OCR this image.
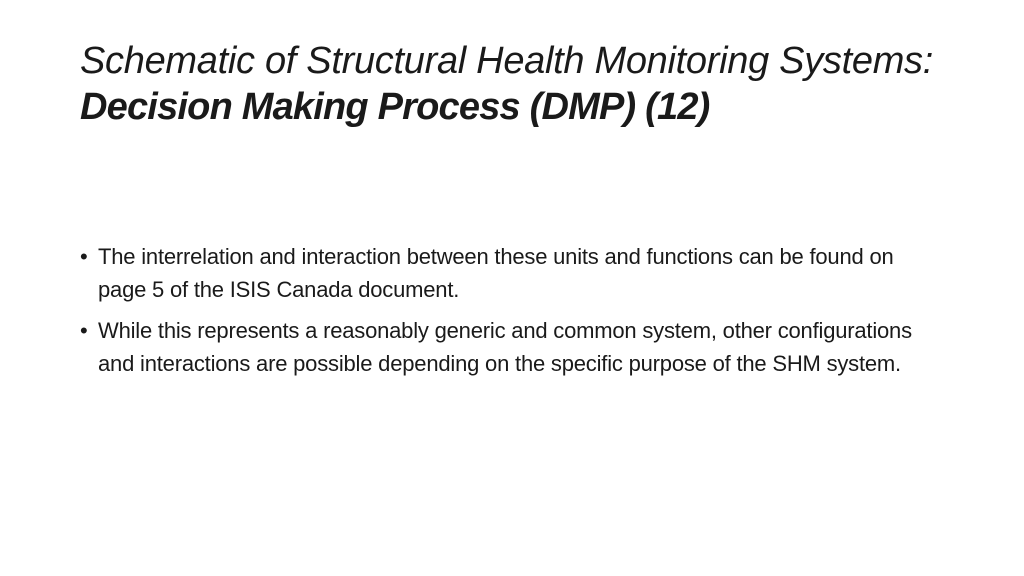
Schematic of Structural Health Monitoring Systems: Decision Making Process (DMP) (12)
• The interrelation and interaction between these units and functions can be found on page 5 of the ISIS Canada document.
• While this represents a reasonably generic and common system, other configurations and interactions are possible depending on the specific purpose of the SHM system.
